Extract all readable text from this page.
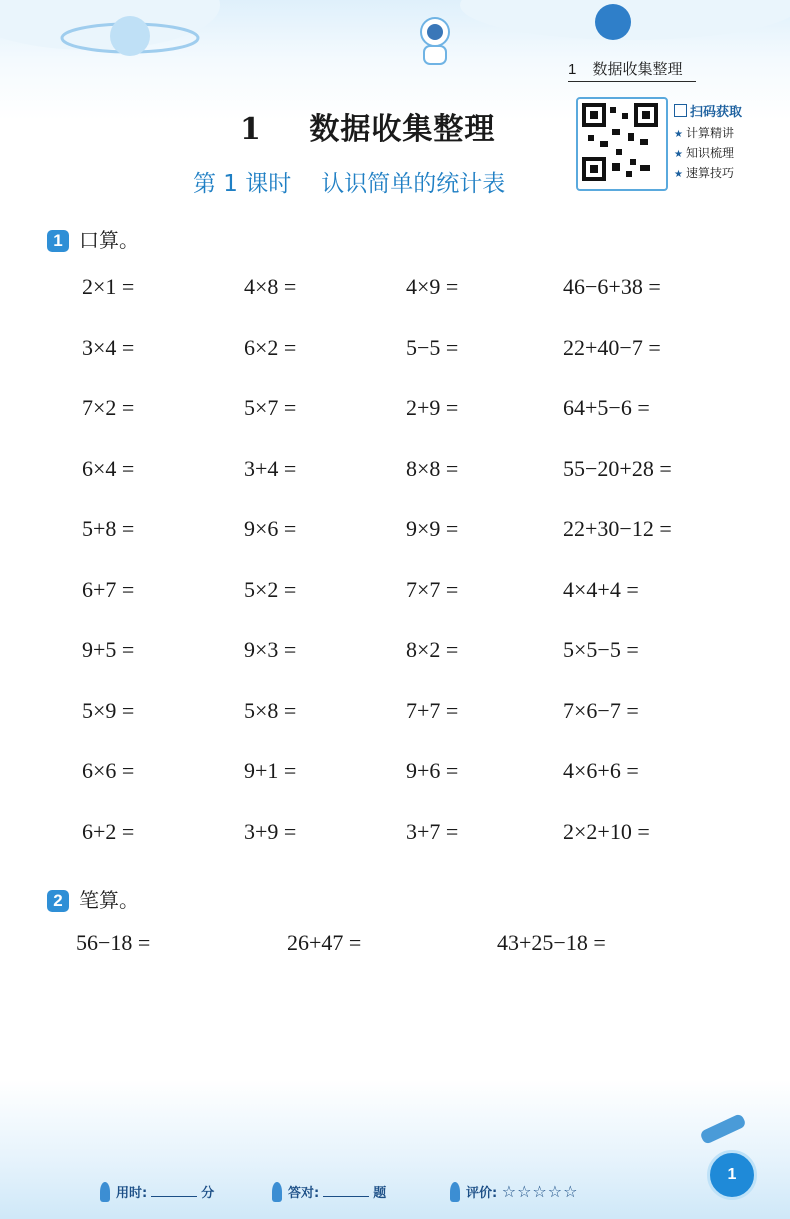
1 数据收集整理
1 数据收集整理
第 1 课时 认识简单的统计表
扫码获取
★ 计算精讲
★ 知识梳理
★ 速算技巧
1 口算。
2×1 =	4×8 =	4×9 =	46−6+38 =
3×4 =	6×2 =	5−5 =	22+40−7 =
7×2 =	5×7 =	2+9 =	64+5−6 =
6×4 =	3+4 =	8×8 =	55−20+28 =
5+8 =	9×6 =	9×9 =	22+30−12 =
6+7 =	5×2 =	7×7 =	4×4+4 =
9+5 =	9×3 =	8×2 =	5×5−5 =
5×9 =	5×8 =	7+7 =	7×6−7 =
6×6 =	9+1 =	9+6 =	4×6+6 =
6+2 =	3+9 =	3+7 =	2×2+10 =
2 笔算。
56−18 =	26+47 =	43+25−18 =
用时:	分	答对:	题	评价: ☆☆☆☆☆
1
